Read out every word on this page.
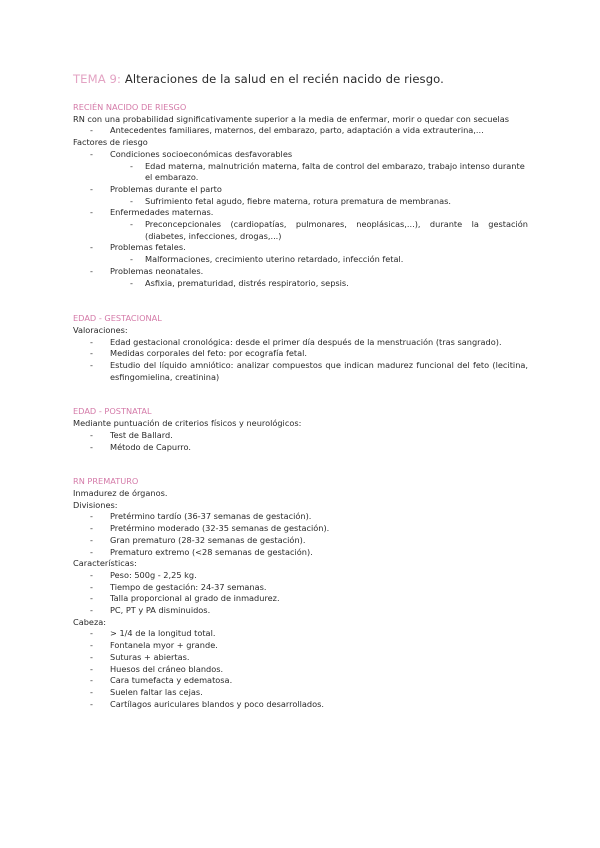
TEMA 9: Alteraciones de la salud en el recién nacido de riesgo.

RECIÉN NACIDO DE RIESGO

RN con una probabilidad significativamente superior a la media de enfermar, morir o quedar con secuelas

- Antecedentes familiares, maternos, del embarazo, parto, adaptación a vida extrauterina,...

Factores de riesgo

- Condiciones socioeconómicas desfavorables
- Edad materna, malnutrición materna, falta de control del embarazo, trabajo intenso durante el embarazo.
- Problemas durante el parto
- Sufrimiento fetal agudo, fiebre materna, rotura prematura de membranas.
- Enfermedades maternas.
- Preconcepcionales (cardiopatías, pulmonares, neoplásicas,...), durante la gestación (diabetes, infecciones, drogas,...)
- Problemas fetales.
- Malformaciones, crecimiento uterino retardado, infección fetal.
- Problemas neonatales.
- Asfixia, prematuridad, distrés respiratorio, sepsis.

EDAD - GESTACIONAL

Valoraciones:

- Edad gestacional cronológica: desde el primer día después de la menstruación (tras sangrado).
- Medidas corporales del feto: por ecografía fetal.
- Estudio del líquido amniótico: analizar compuestos que indican madurez funcional del feto (lecitina, esfingomielina, creatinina)

EDAD - POSTNATAL

Mediante puntuación de criterios físicos y neurológicos:

- Test de Ballard.
- Método de Capurro.

RN PREMATURO

Inmadurez de órganos.

Divisiones:

- Pretérmino tardío (36-37 semanas de gestación).
- Pretérmino moderado (32-35 semanas de gestación).
- Gran prematuro (28-32 semanas de gestación).
- Prematuro extremo (<28 semanas de gestación).

Características:

- Peso: 500g - 2,25 kg.
- Tiempo de gestación: 24-37 semanas.
- Talla proporcional al grado de inmadurez.
- PC, PT y PA disminuidos.

Cabeza:

- > 1/4 de la longitud total.
- Fontanela myor + grande.
- Suturas + abiertas.
- Huesos del cráneo blandos.
- Cara tumefacta y edematosa.
- Suelen faltar las cejas.
- Cartílagos auriculares blandos y poco desarrollados.
